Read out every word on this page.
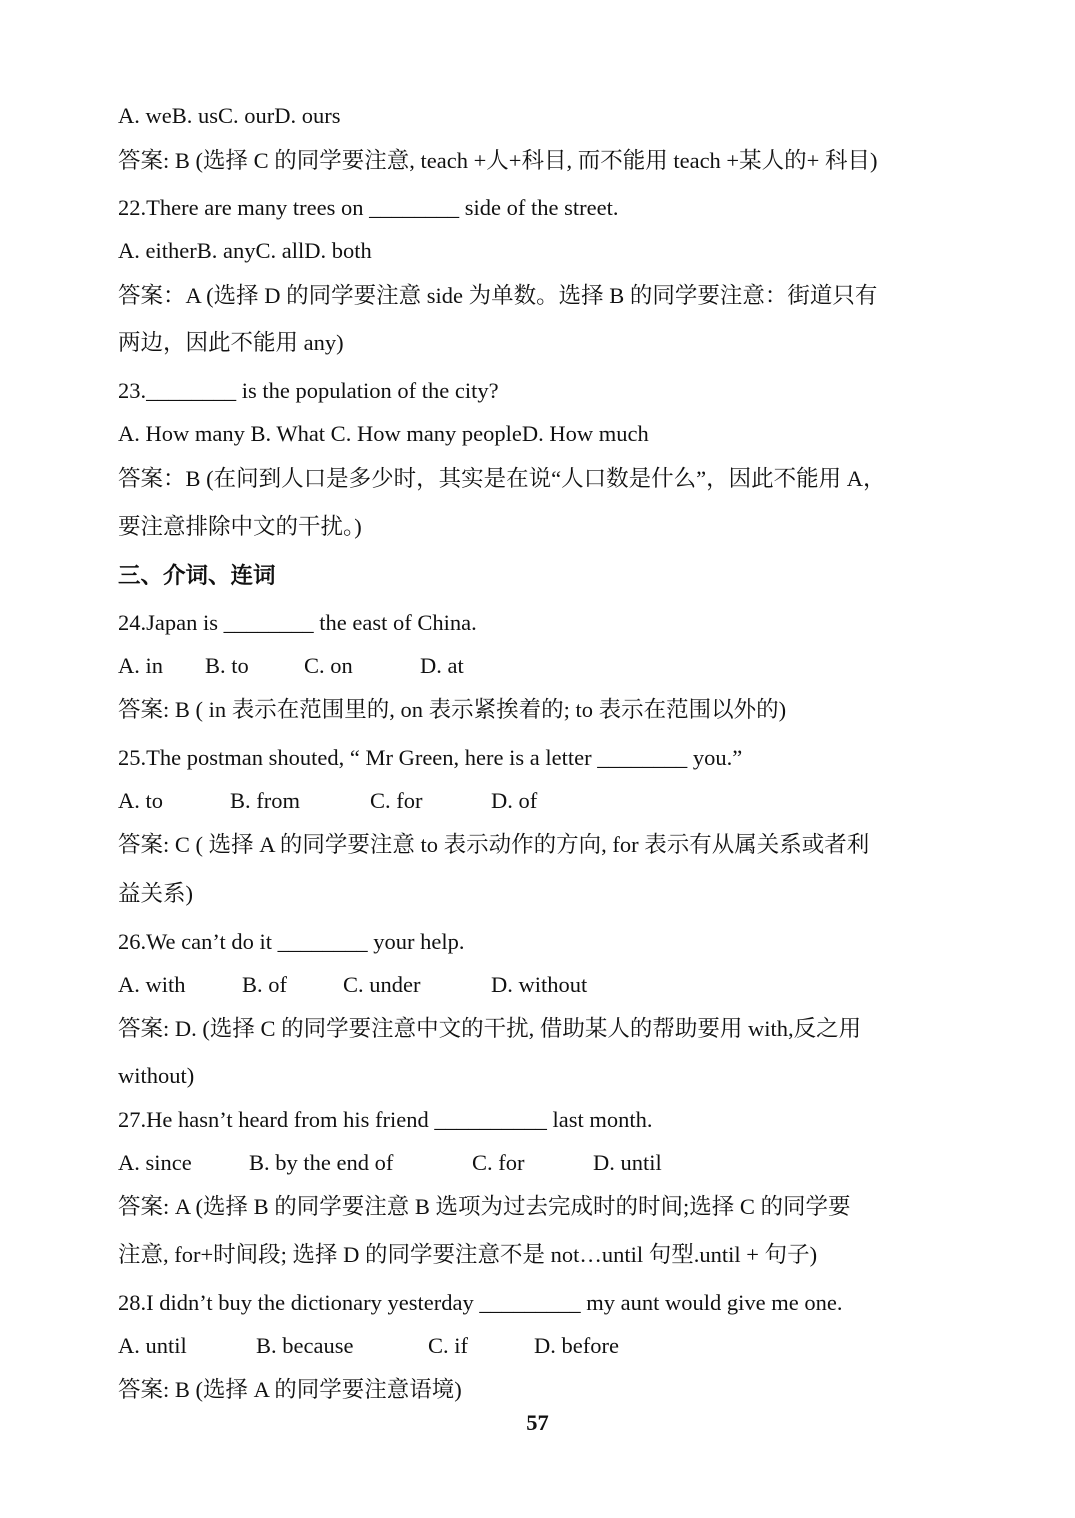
A. weB. usC. ourD. ours
答案: B (选择 C 的同学要注意, teach +人+科目, 而不能用 teach +某人的+ 科目)
22.There are many trees on ________ side of the street.
A. eitherB. anyC. allD. both
答案：A (选择 D 的同学要注意 side 为单数。选择 B 的同学要注意：街道只有
两边，因此不能用 any)
23.________ is the population of the city?
A. How many B. What C. How many peopleD. How much
答案：B (在问到人口是多少时，其实是在说“人口数是什么”，因此不能用 A，
要注意排除中文的干扰。)
三、介词、连词
24.Japan is ________ the east of China.
A. in B. to C. on	D. at
答案: B ( in 表示在范围里的, on 表示紧挨着的; to 表示在范围以外的)
25.The postman shouted, “ Mr Green, here is a letter ________ you.”
A. to	B. from	C. for	D. of
答案: C ( 选择 A 的同学要注意 to 表示动作的方向, for 表示有从属关系或者利
益关系)
26.We can’t do it ________ your help.
A. with	B. of C. under	D. without
答案: D. (选择 C 的同学要注意中文的干扰, 借助某人的帮助要用 with,反之用
without)
27.He hasn’t heard from his friend __________ last month.
A. since	B. by the end of	C. for	D. until
答案: A (选择 B 的同学要注意 B 选项为过去完成时的时间;选择 C 的同学要
注意, for+时间段; 选择 D 的同学要注意不是 not…until 句型.until + 句子)
28.I didn’t buy the dictionary yesterday _________ my aunt would give me one.
A. until	B. because	C. if	D. before
答案: B (选择 A 的同学要注意语境)
57
